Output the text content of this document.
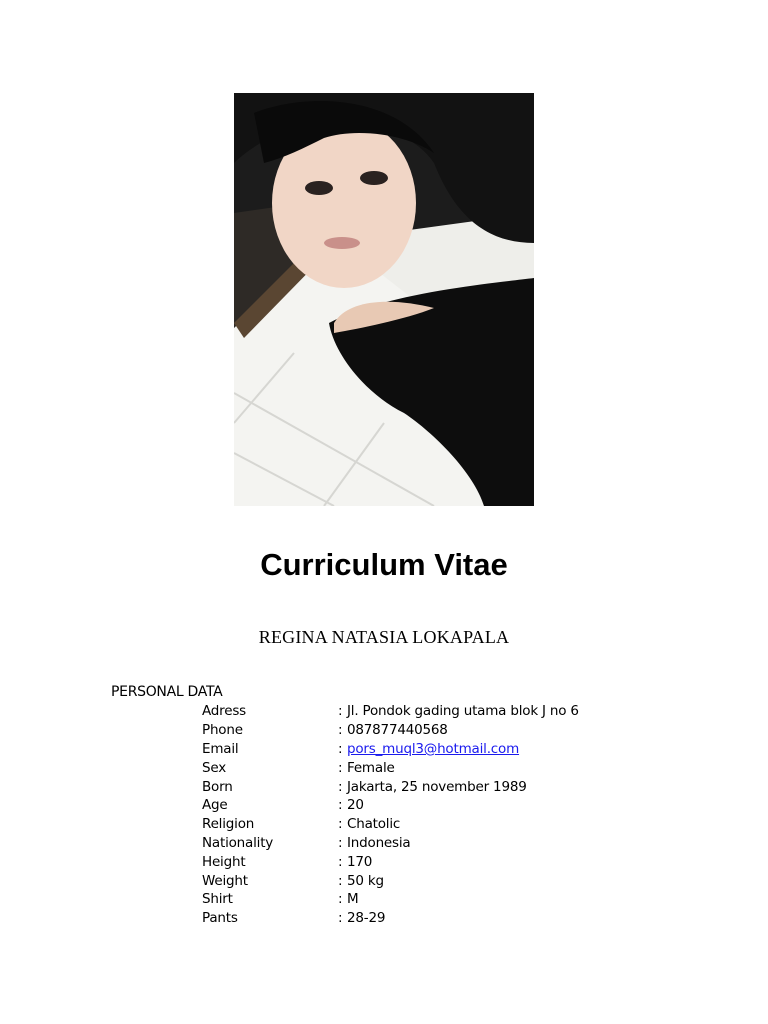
Curriculum Vitae
REGINA NATASIA LOKAPALA
PERSONAL DATA
Adress	: Jl. Pondok gading utama blok J no 6
Phone	: 087877440568
Email	: pors_muql3@hotmail.com
Sex	: Female
Born	: Jakarta, 25 november 1989
Age	: 20
Religion	: Chatolic
Nationality	: Indonesia
Height	: 170
Weight	: 50 kg
Shirt	: M
Pants	: 28-29
